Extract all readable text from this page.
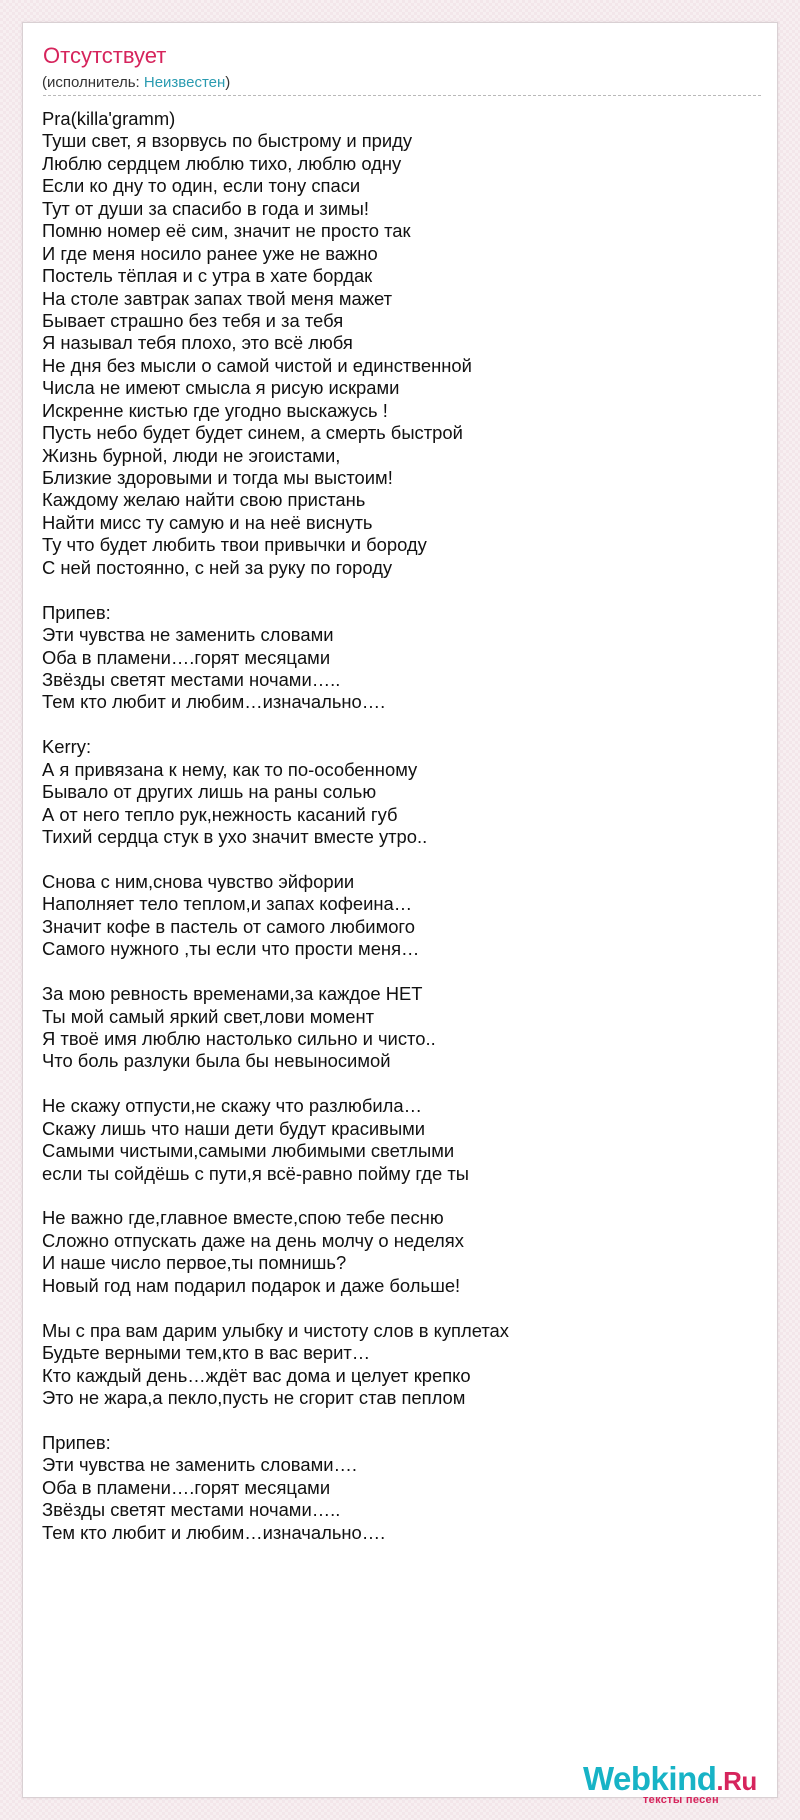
Отсутствует
(исполнитель: Неизвестен)
Pra(killa'gramm)
Туши свет, я взорвусь по быстрому и приду
Люблю сердцем люблю тихо, люблю одну
Если ко дну то один, если тону спаси
Тут от души за спасибо в года и зимы!
Помню номер её сим, значит не просто так
И где меня носило ранее уже не важно
Постель тёплая и с утра в хате бордак
На столе завтрак запах твой меня мажет
Бывает страшно без тебя и за тебя
Я называл тебя плохо, это всё любя
Не дня без мысли о самой чистой и единственной
Числа не имеют смысла я рисую искрами
Искренне кистью где угодно выскажусь !
Пусть небо будет будет синем, а смерть быстрой
Жизнь бурной, люди не эгоистами,
Близкие здоровыми и тогда мы выстоим!
Каждому желаю найти свою пристань
Найти мисс ту самую и на неё виснуть
Ту что будет любить твои привычки и бороду
С ней постоянно, с ней за руку по городу

Припев:
Эти чувства не заменить словами
Оба в пламени….горят месяцами
Звёзды светят местами ночами…..
Тем кто любит и любим…изначально….

Kerry:
А я привязана к нему, как то по-особенному
Бывало от других лишь на раны солью
А от него тепло рук,нежность касаний губ
Тихий сердца стук в ухо значит вместе утро..

Снова с ним,снова чувство эйфории
Наполняет тело теплом,и запах кофеина…
Значит кофе в пастель от самого любимого
Самого нужного ,ты если что прости меня…

За мою ревность временами,за каждое НЕТ
Ты мой самый яркий свет,лови момент
Я твоё имя люблю настолько сильно и чисто..
Что боль разлуки была бы невыносимой

Не скажу отпусти,не скажу что разлюбила…
Скажу лишь что наши дети будут красивыми
Самыми чистыми,самыми любимыми светлыми
если ты сойдёшь с пути,я всё-равно пойму где ты

Не важно где,главное вместе,спою тебе песню
Сложно отпускать даже на день молчу о неделях
И наше число первое,ты помнишь?
Новый год нам подарил подарок и даже больше!

Мы с пра вам дарим улыбку и чистоту слов в куплетах
Будьте верными тем,кто в вас верит…
Кто каждый день…ждёт вас дома и целует крепко
Это не жара,а пекло,пусть не сгорит став пеплом

Припев:
Эти чувства не заменить словами….
Оба в пламени….горят месяцами
Звёзды светят местами ночами…..
Тем кто любит и любим…изначально….
Webkind.Ru
тексты песен
